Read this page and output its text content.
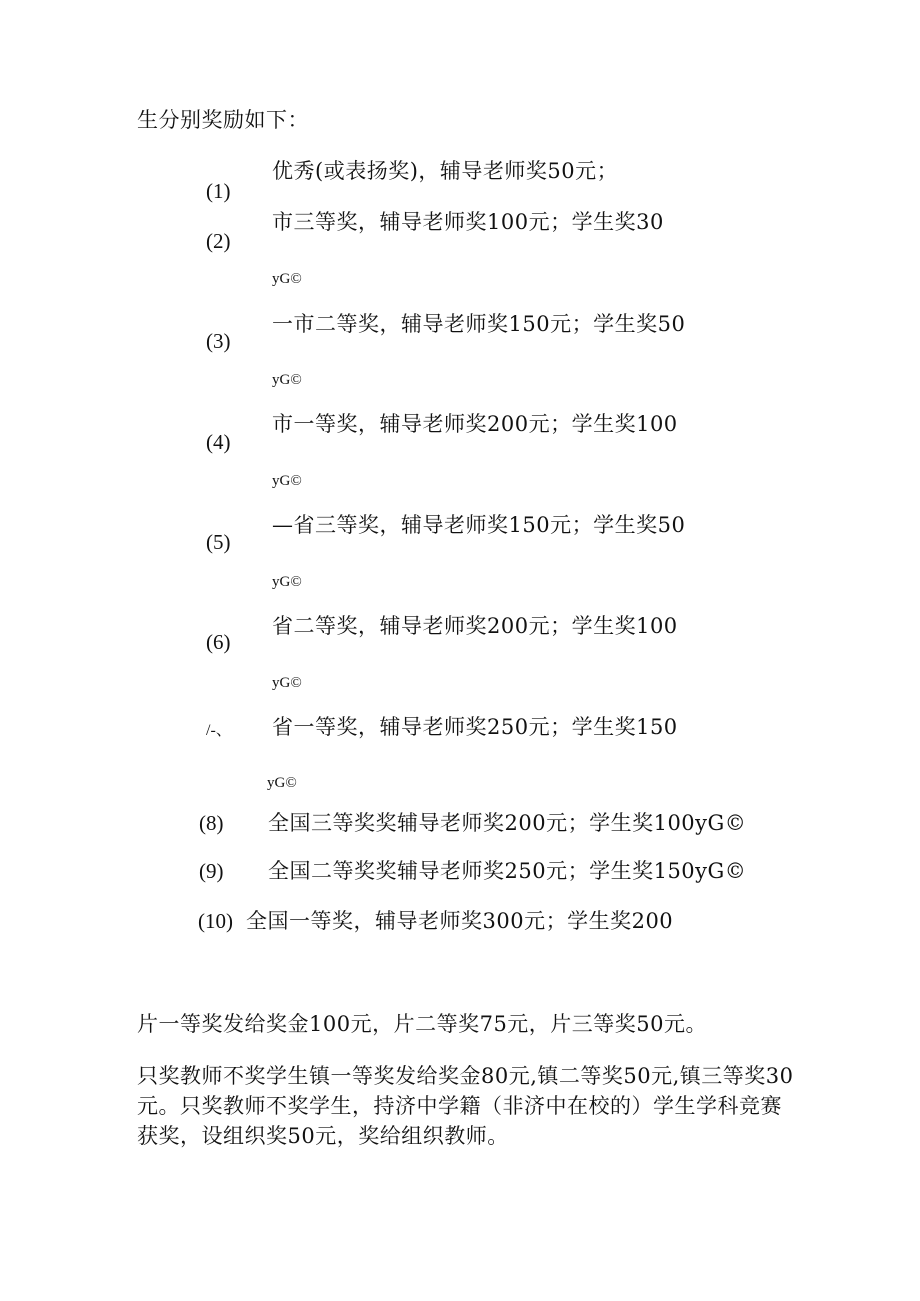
生分别奖励如下：
(1)
优秀(或表扬奖)，辅导老师奖50元；
(2)
市三等奖，辅导老师奖100元；学生奖30
yG©
(3)
一市二等奖，辅导老师奖150元；学生奖50
yG©
(4)
市一等奖，辅导老师奖200元；学生奖100
yG©
(5)
—省三等奖，辅导老师奖150元；学生奖50
yG©
(6)
省二等奖，辅导老师奖200元；学生奖100
yG©
/-、 省一等奖，辅导老师奖250元；学生奖150
yG©
(8) 全国三等奖奖辅导老师奖200元；学生奖100yG©
(9) 全国二等奖奖辅导老师奖250元；学生奖150yG©
(10) 全国一等奖，辅导老师奖300元；学生奖200
片一等奖发给奖金100元，片二等奖75元，片三等奖50元。
只奖教师不奖学生镇一等奖发给奖金80元,镇二等奖50元,镇三等奖30元。只奖教师不奖学生，持济中学籍（非济中在校的）学生学科竞赛获奖，设组织奖50元，奖给组织教师。
